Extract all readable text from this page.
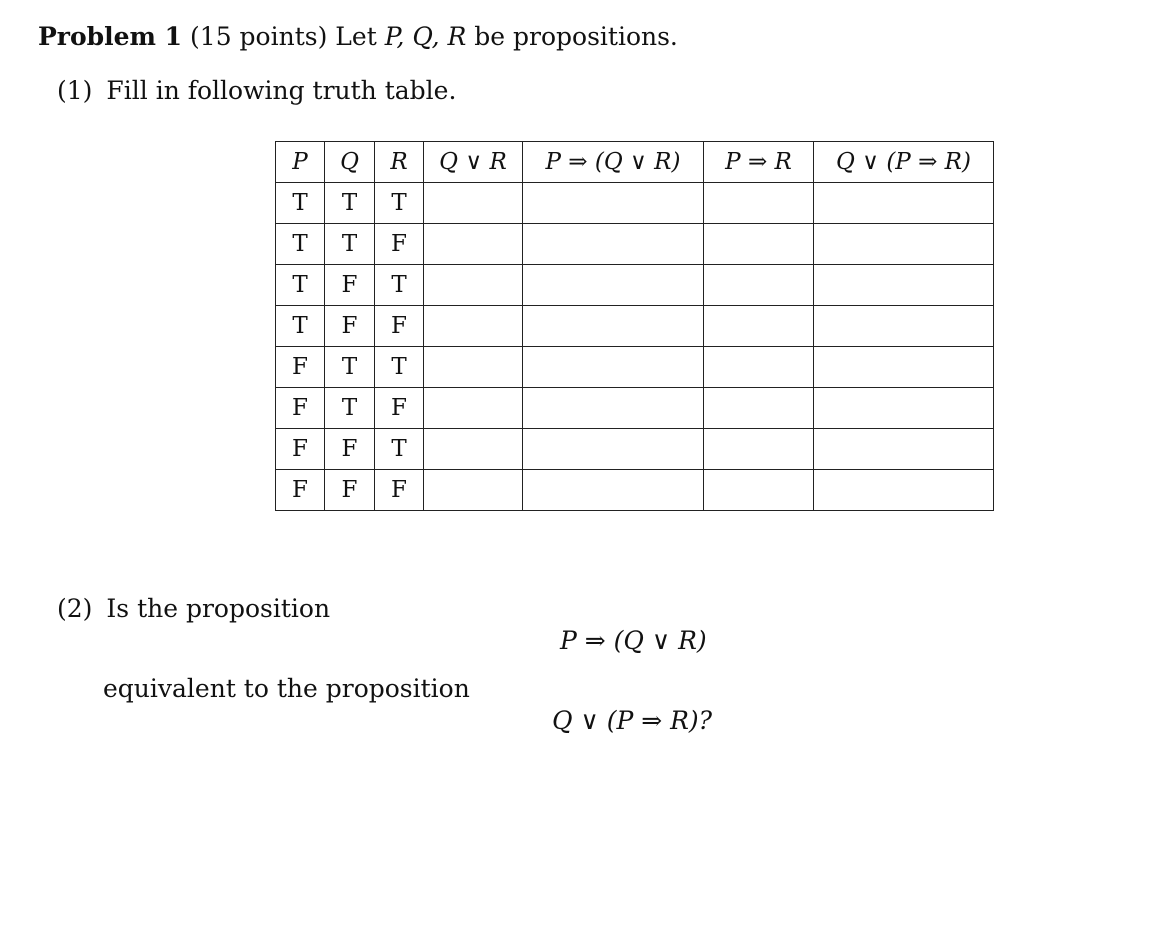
Problem 1 (15 points) Let P, Q, R be propositions.
(1) Fill in following truth table.
P	Q	R	Q ∨ R	P ⇒ (Q ∨ R)	P ⇒ R	Q ∨ (P ⇒ R)
T	T	T				
T	T	F				
T	F	T				
T	F	F				
F	T	T				
F	T	F				
F	F	T				
F	F	F				
(2) Is the proposition
P ⇒ (Q ∨ R)
equivalent to the proposition
Q ∨ (P ⇒ R)?
